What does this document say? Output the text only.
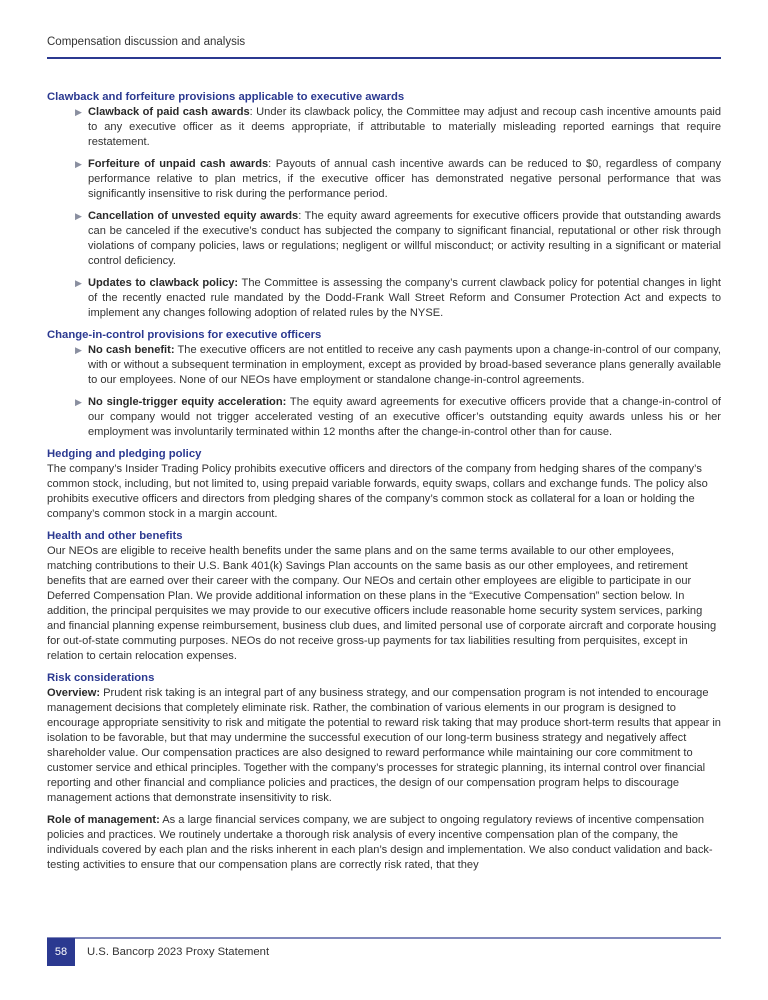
Compensation discussion and analysis
Clawback and forfeiture provisions applicable to executive awards
▶ Clawback of paid cash awards: Under its clawback policy, the Committee may adjust and recoup cash incentive amounts paid to any executive officer as it deems appropriate, if attributable to materially misleading reported earnings that require restatement.
▶ Forfeiture of unpaid cash awards: Payouts of annual cash incentive awards can be reduced to $0, regardless of company performance relative to plan metrics, if the executive officer has demonstrated negative personal performance that was significantly insensitive to risk during the performance period.
▶ Cancellation of unvested equity awards: The equity award agreements for executive officers provide that outstanding awards can be canceled if the executive’s conduct has subjected the company to significant financial, reputational or other risk through violations of company policies, laws or regulations; negligent or willful misconduct; or activity resulting in a significant or material control deficiency.
▶ Updates to clawback policy: The Committee is assessing the company’s current clawback policy for potential changes in light of the recently enacted rule mandated by the Dodd-Frank Wall Street Reform and Consumer Protection Act and expects to implement any changes following adoption of related rules by the NYSE.
Change-in-control provisions for executive officers
▶ No cash benefit: The executive officers are not entitled to receive any cash payments upon a change-in-control of our company, with or without a subsequent termination in employment, except as provided by broad-based severance plans generally available to our employees. None of our NEOs have employment or standalone change-in-control agreements.
▶ No single-trigger equity acceleration: The equity award agreements for executive officers provide that a change-in-control of our company would not trigger accelerated vesting of an executive officer’s outstanding equity awards unless his or her employment was involuntarily terminated within 12 months after the change-in-control other than for cause.
Hedging and pledging policy

The company’s Insider Trading Policy prohibits executive officers and directors of the company from hedging shares of the company’s common stock, including, but not limited to, using prepaid variable forwards, equity swaps, collars and exchange funds. The policy also prohibits executive officers and directors from pledging shares of the company’s common stock as collateral for a loan or holding the company’s common stock in a margin account.

Health and other benefits

Our NEOs are eligible to receive health benefits under the same plans and on the same terms available to our other employees, matching contributions to their U.S. Bank 401(k) Savings Plan accounts on the same basis as our other employees, and retirement benefits that are earned over their career with the company. Our NEOs and certain other employees are eligible to participate in our Deferred Compensation Plan. We provide additional information on these plans in the “Executive Compensation” section below. In addition, the principal perquisites we may provide to our executive officers include reasonable home security system services, parking and financial planning expense reimbursement, business club dues, and limited personal use of corporate aircraft and corporate housing for out-of-state commuting purposes. NEOs do not receive gross-up payments for tax liabilities resulting from perquisites, except in relation to certain relocation expenses.

Risk considerations

Overview: Prudent risk taking is an integral part of any business strategy, and our compensation program is not intended to encourage management decisions that completely eliminate risk. Rather, the combination of various elements in our program is designed to encourage appropriate sensitivity to risk and mitigate the potential to reward risk taking that may produce short-term results that appear in isolation to be favorable, but that may undermine the successful execution of our long-term business strategy and negatively affect shareholder value. Our compensation practices are also designed to reward performance while maintaining our core commitment to customer service and ethical principles. Together with the company’s processes for strategic planning, its internal control over financial reporting and other financial and compliance policies and practices, the design of our compensation program helps to discourage management actions that demonstrate insensitivity to risk.

Role of management: As a large financial services company, we are subject to ongoing regulatory reviews of incentive compensation policies and practices. We routinely undertake a thorough risk analysis of every incentive compensation plan of the company, the individuals covered by each plan and the risks inherent in each plan’s design and implementation. We also conduct validation and back-testing activities to ensure that our compensation plans are correctly risk rated, that they

58	U.S. Bancorp 2023 Proxy Statement
